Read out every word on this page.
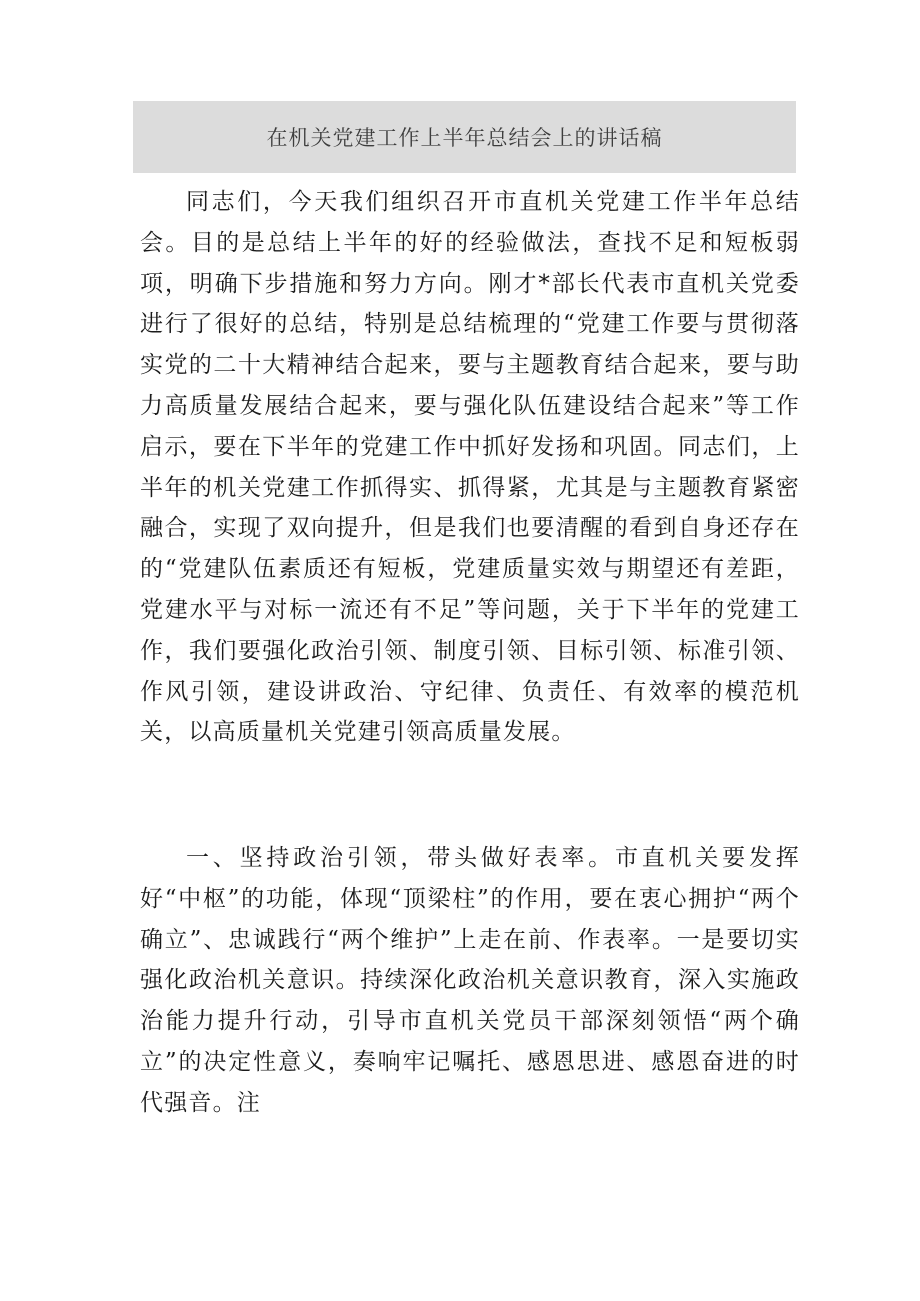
在机关党建工作上半年总结会上的讲话稿

同志们，今天我们组织召开市直机关党建工作半年总结会。目的是总结上半年的好的经验做法，查找不足和短板弱项，明确下步措施和努力方向。刚才*部长代表市直机关党委进行了很好的总结，特别是总结梳理的“党建工作要与贯彻落实党的二十大精神结合起来，要与主题教育结合起来，要与助力高质量发展结合起来，要与强化队伍建设结合起来”等工作启示，要在下半年的党建工作中抓好发扬和巩固。同志们，上半年的机关党建工作抓得实、抓得紧，尤其是与主题教育紧密融合，实现了双向提升，但是我们也要清醒的看到自身还存在的“党建队伍素质还有短板，党建质量实效与期望还有差距，党建水平与对标一流还有不足”等问题，关于下半年的党建工作，我们要强化政治引领、制度引领、目标引领、标准引领、作风引领，建设讲政治、守纪律、负责任、有效率的模范机关，以高质量机关党建引领高质量发展。

一、坚持政治引领，带头做好表率。市直机关要发挥好“中枢”的功能，体现“顶梁柱”的作用，要在衷心拥护“两个确立”、忠诚践行“两个维护”上走在前、作表率。一是要切实强化政治机关意识。持续深化政治机关意识教育，深入实施政治能力提升行动，引导市直机关党员干部深刻领悟“两个确立”的决定性意义，奏响牢记嘱托、感恩思进、感恩奋进的时代强音。注
